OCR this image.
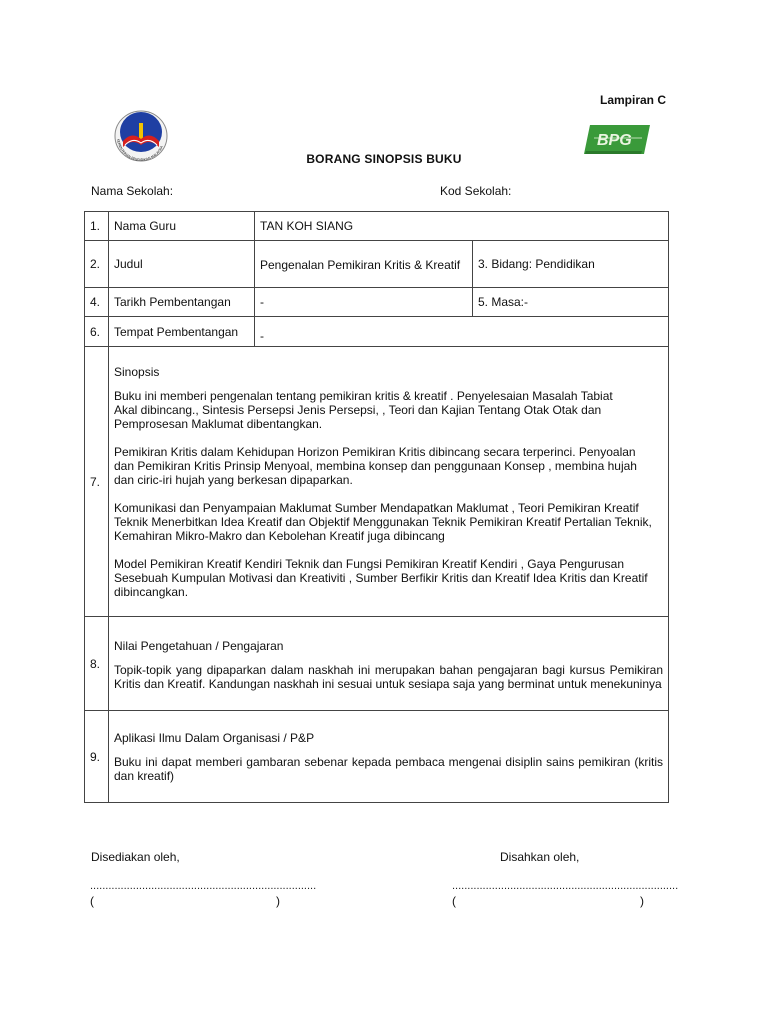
Lampiran C
KEMENTERIAN PENDIDIKAN MALAYSIA	BPG
BORANG SINOPSIS BUKU
Nama Sekolah:	Kod Sekolah:
1.	Nama Guru	TAN KOH SIANG	
2.	Judul	Pengenalan Pemikiran Kritis & Kreatif	3. Bidang: Pendidikan
4.	Tarikh Pembentangan	-	5. Masa:-
6.	Tempat Pembentangan	-	
7.	Sinopsis
Buku ini memberi pengenalan tentang pemikiran kritis & kreatif . Penyelesaian Masalah Tabiat Akal dibincang., Sintesis Persepsi Jenis Persepsi, , Teori dan Kajian Tentang Otak Otak dan Pemprosesan Maklumat dibentangkan.
Pemikiran Kritis dalam Kehidupan Horizon Pemikiran Kritis dibincang secara terperinci. Penyoalan dan Pemikiran Kritis Prinsip Menyoal, membina konsep dan penggunaan Konsep , membina hujah dan ciric-iri hujah yang berkesan dipaparkan.
Komunikasi dan Penyampaian Maklumat Sumber Mendapatkan Maklumat , Teori Pemikiran Kreatif Teknik Menerbitkan Idea Kreatif dan Objektif Menggunakan Teknik Pemikiran Kreatif Pertalian Teknik, Kemahiran Mikro-Makro dan Kebolehan Kreatif juga dibincang
Model Pemikiran Kreatif Kendiri Teknik dan Fungsi Pemikiran Kreatif Kendiri , Gaya Pengurusan Sesebuah Kumpulan Motivasi dan Kreativiti , Sumber Berfikir Kritis dan Kreatif Idea Kritis dan Kreatif dibincangkan.		

8.	Nilai Pengetahuan / Pengajaran
Topik-topik yang dipaparkan dalam naskhah ini merupakan bahan pengajaran bagi kursus Pemikiran Kritis dan Kreatif. Kandungan naskhah ini sesuai untuk sesiapa saja yang berminat untuk menekuninya		

9.	Aplikasi Ilmu Dalam Organisasi / P&P
Buku ini dapat memberi gambaran sebenar kepada pembaca mengenai disiplin sains pemikiran (kritis dan kreatif)		
Disediakan oleh,	Disahkan oleh,
..........................................................................	..........................................................................
(	)	(	)
